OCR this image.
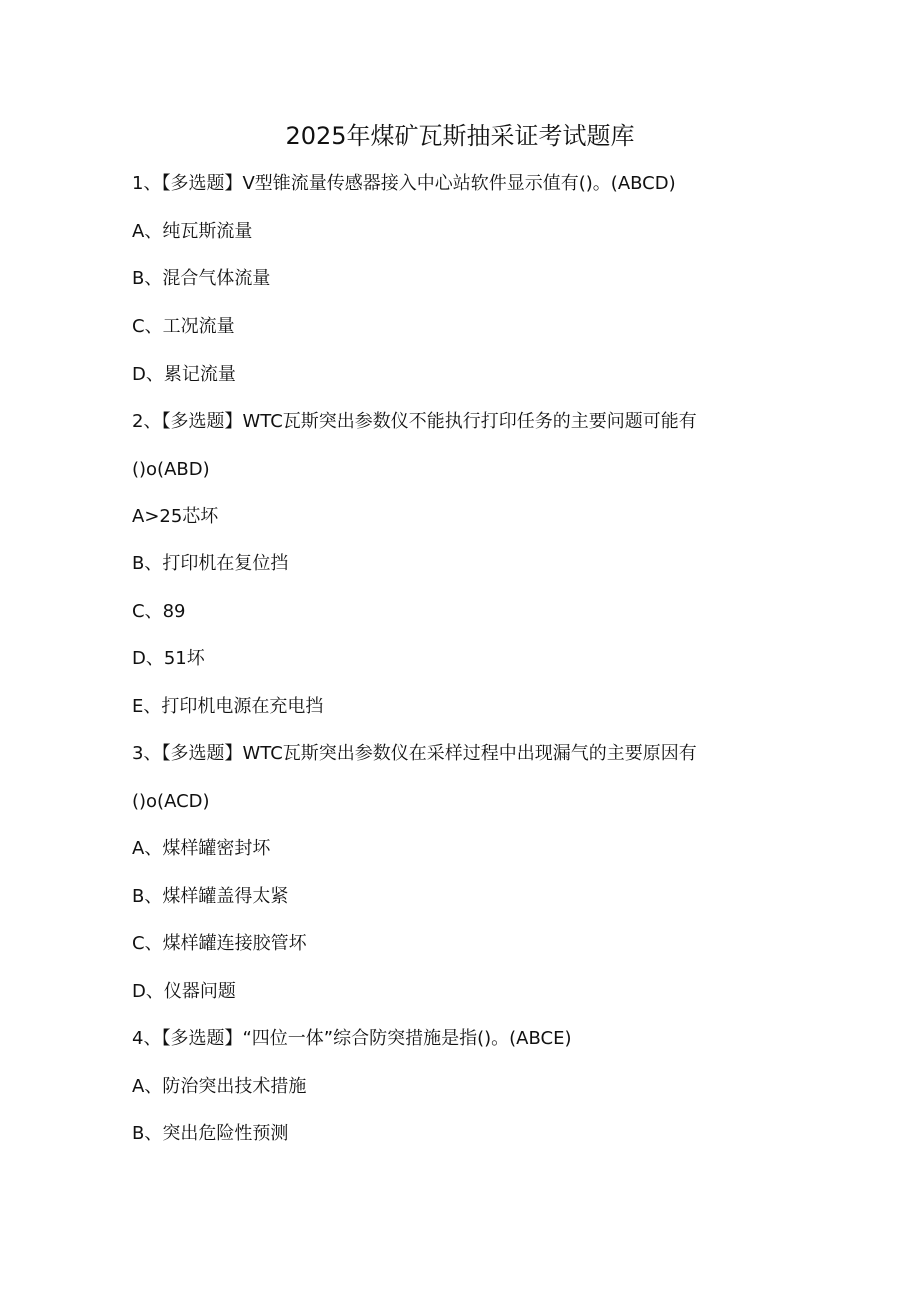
2025年煤矿瓦斯抽采证考试题库
1、【多选题】V型锥流量传感器接入中心站软件显示值有()。(ABCD)
A、纯瓦斯流量
B、混合气体流量
C、工况流量
D、累记流量
2、【多选题】WTC瓦斯突出参数仪不能执行打印任务的主要问题可能有
()o(ABD)
A>25芯坏
B、打印机在复位挡
C、89
D、51坏
E、打印机电源在充电挡
3、【多选题】WTC瓦斯突出参数仪在采样过程中出现漏气的主要原因有
()o(ACD)
A、煤样罐密封坏
B、煤样罐盖得太紧
C、煤样罐连接胶管坏
D、仪器问题
4、【多选题】“四位一体”综合防突措施是指()。(ABCE)
A、防治突出技术措施
B、突出危险性预测
